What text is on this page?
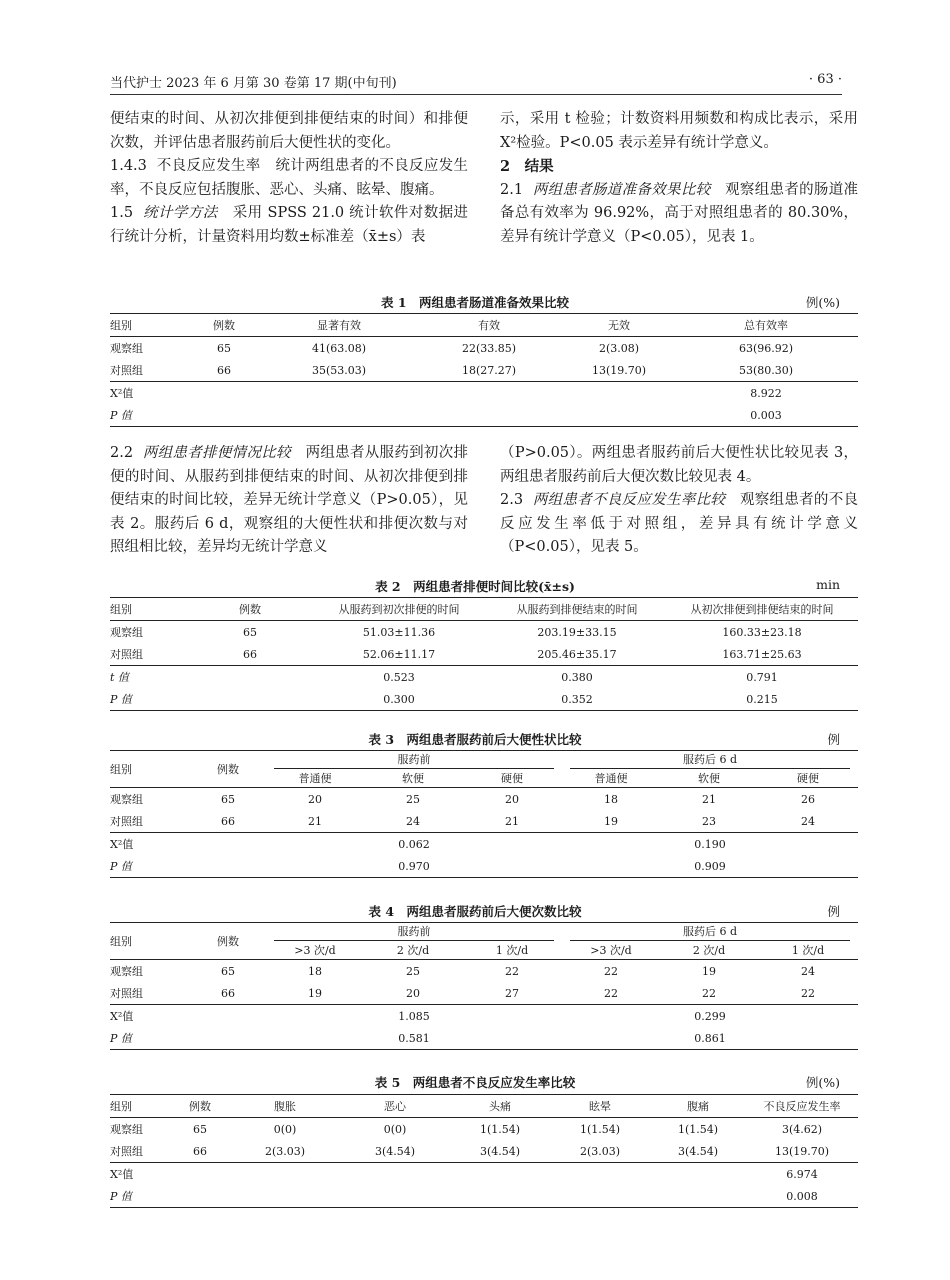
当代护士 2023 年 6 月第 30 卷第 17 期(中旬刊)	· 63 ·

便结束的时间、从初次排便到排便结束的时间）和排便次数，并评估患者服药前后大便性状的变化。

1.4.3 不良反应发生率 统计两组患者的不良反应发生率，不良反应包括腹胀、恶心、头痛、眩晕、腹痛。

1.5 统计学方法 采用 SPSS 21.0 统计软件对数据进行统计分析，计量资料用均数±标准差（x̄±s）表

示，采用 t 检验；计数资料用频数和构成比表示，采用X²检验。P<0.05 表示差异有统计学意义。

2　结果

2.1 两组患者肠道准备效果比较 观察组患者的肠道准备总有效率为 96.92%，高于对照组患者的 80.30%，差异有统计学意义（P<0.05），见表 1。

表 1　两组患者肠道准备效果比较	例(%)
组别	例数	显著有效	有效	无效	总有效率
观察组	65	41(63.08)	22(33.85)	2(3.08)	63(96.92)
对照组	66	35(53.03)	18(27.27)	13(19.70)	53(80.30)
X²值					8.922
P 值					0.003

2.2 两组患者排便情况比较 两组患者从服药到初次排便的时间、从服药到排便结束的时间、从初次排便到排便结束的时间比较，差异无统计学意义（P>0.05），见表 2。服药后 6 d，观察组的大便性状和排便次数与对照组相比较，差异均无统计学意义

（P>0.05）。两组患者服药前后大便性状比较见表 3，两组患者服药前后大便次数比较见表 4。

2.3 两组患者不良反应发生率比较 观察组患者的不良反应发生率低于对照组，差异具有统计学意义（P<0.05），见表 5。

表 2　两组患者排便时间比较(x̄±s)	min
组别	例数	从服药到初次排便的时间	从服药到排便结束的时间	从初次排便到排便结束的时间
观察组	65	51.03±11.36	203.19±33.15	160.33±23.18
对照组	66	52.06±11.17	205.46±35.17	163.71±25.63
t 值		0.523	0.380	0.791
P 值		0.300	0.352	0.215
表 3　两组患者服药前后大便性状比较	例
组别	例数	服药前			服药后 6 d		

		普通便	软便	硬便	普通便	软便	硬便
观察组	65	20	25	20	18	21	26
对照组	66	21	24	21	19	23	24
X²值		0.062			0.190		
P 值		0.970			0.909		
表 4　两组患者服药前后大便次数比较	例
组别	例数	服药前			服药后 6 d		

		>3 次/d	2 次/d	1 次/d	>3 次/d	2 次/d	1 次/d
观察组	65	18	25	22	22	19	24
对照组	66	19	20	27	22	22	22
X²值		1.085			0.299		
P 值		0.581			0.861		
表 5　两组患者不良反应发生率比较	例(%)
组别	例数	腹胀	恶心	头痛	眩晕	腹痛	不良反应发生率
观察组	65	0(0)	0(0)	1(1.54)	1(1.54)	1(1.54)	3(4.62)
对照组	66	2(3.03)	3(4.54)	3(4.54)	2(3.03)	3(4.54)	13(19.70)
X²值							6.974
P 值							0.008
